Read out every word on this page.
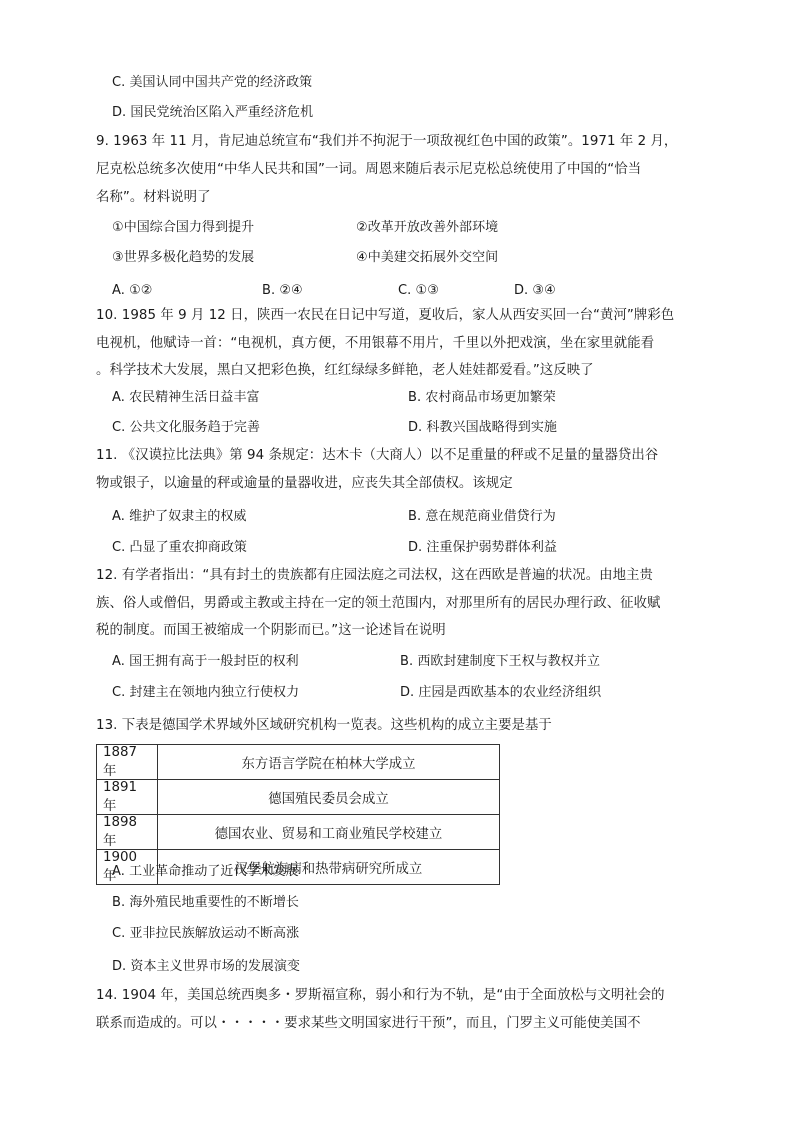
C. 美国认同中国共产党的经济政策
D. 国民党统治区陷入严重经济危机
9. 1963 年 11 月，肯尼迪总统宣布“我们并不拘泥于一项敌视红色中国的政策”。1971 年 2 月，
尼克松总统多次使用“中华人民共和国”一词。周恩来随后表示尼克松总统使用了中国的“恰当
名称”。材料说明了
①中国综合国力得到提升	②改革开放改善外部环境
③世界多极化趋势的发展	④中美建交拓展外交空间
A. ①②	B. ②④	C. ①③	D. ③④
10. 1985 年 9 月 12 日，陕西一农民在日记中写道，夏收后，家人从西安买回一台“黄河”牌彩色
电视机，他赋诗一首：“电视机，真方便，不用银幕不用片，千里以外把戏演，坐在家里就能看
。科学技术大发展，黑白又把彩色换，红红绿绿多鲜艳，老人娃娃都爱看。”这反映了
A. 农民精神生活日益丰富	B. 农村商品市场更加繁荣
C. 公共文化服务趋于完善	D. 科教兴国战略得到实施
11. 《汉谟拉比法典》第 94 条规定：达木卡（大商人）以不足重量的秤或不足量的量器贷出谷
物或银子，以逾量的秤或逾量的量器收进，应丧失其全部债权。该规定
A. 维护了奴隶主的权威	B. 意在规范商业借贷行为
C. 凸显了重农抑商政策	D. 注重保护弱势群体利益
12. 有学者指出：“具有封土的贵族都有庄园法庭之司法权，这在西欧是普遍的状况。由地主贵
族、俗人或僧侣，男爵或主教或主持在一定的领土范围内，对那里所有的居民办理行政、征收赋
税的制度。而国王被缩成一个阴影而已。”这一论述旨在说明
A. 国王拥有高于一般封臣的权利	B. 西欧封建制度下王权与教权并立
C. 封建主在领地内独立行使权力	D. 庄园是西欧基本的农业经济组织
13. 下表是德国学术界域外区域研究机构一览表。这些机构的成立主要是基于
1887 年	东方语言学院在柏林大学成立
1891 年	德国殖民委员会成立
1898 年	德国农业、贸易和工商业殖民学校建立
1900 年	汉堡航海病和热带病研究所成立
A. 工业革命推动了近代学术发展
B. 海外殖民地重要性的不断增长
C. 亚非拉民族解放运动不断高涨
D. 资本主义世界市场的发展演变
14. 1904 年，美国总统西奥多・罗斯福宣称，弱小和行为不轨，是“由于全面放松与文明社会的
联系而造成的。可以・・・・・要求某些文明国家进行干预”，而且，门罗主义可能使美国不
